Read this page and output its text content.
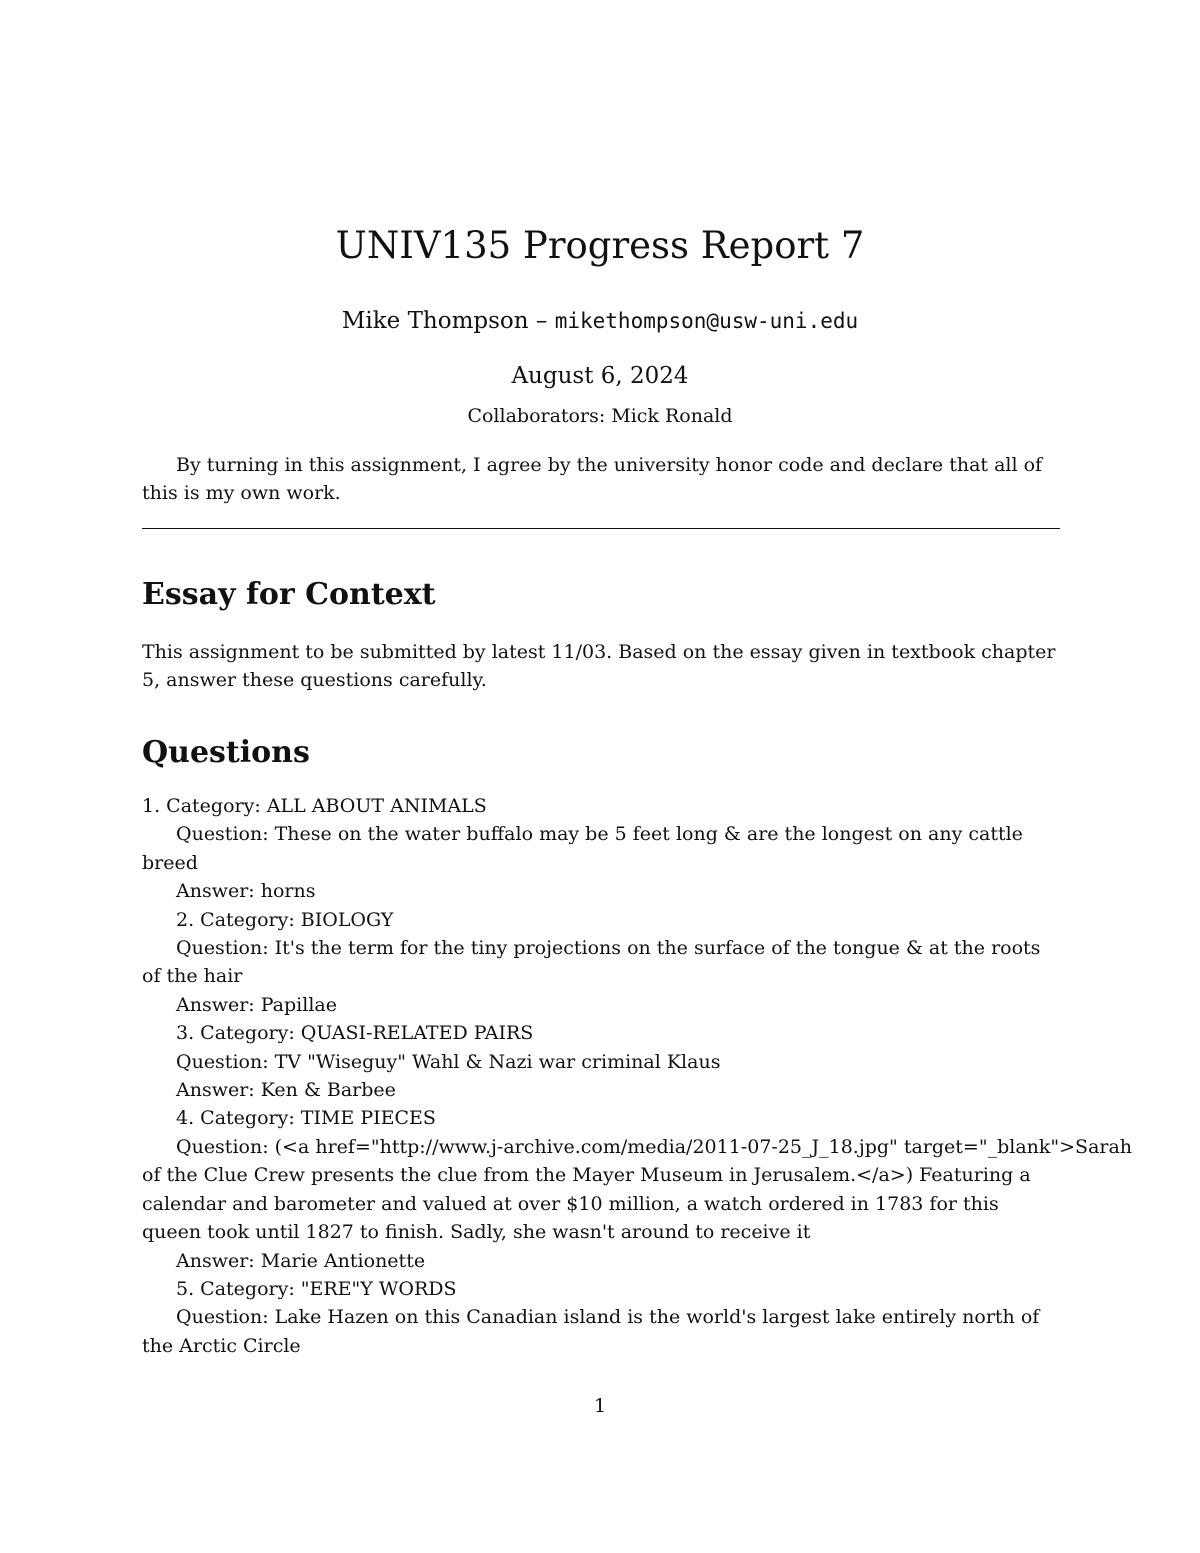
UNIV135 Progress Report 7
Mike Thompson – mikethompson@usw-uni.edu
August 6, 2024
Collaborators: Mick Ronald
By turning in this assignment, I agree by the university honor code and declare that all of this is my own work.
Essay for Context
This assignment to be submitted by latest 11/03. Based on the essay given in textbook chapter 5, answer these questions carefully.
Questions

1. Category: ALL ABOUT ANIMALS

Question: These on the water buffalo may be 5 feet long & are the longest on any cattle breed

Answer: horns

2. Category: BIOLOGY

Question: It's the term for the tiny projections on the surface of the tongue & at the roots of the hair

Answer: Papillae

3. Category: QUASI-RELATED PAIRS

Question: TV "Wiseguy" Wahl & Nazi war criminal Klaus

Answer: Ken & Barbee

4. Category: TIME PIECES

Question: (<a href="http://www.j-archive.com/media/2011-07-25_J_18.jpg" target="_blank">Sarah

of the Clue Crew presents the clue from the Mayer Museum in Jerusalem.</a>) Featuring a calendar and barometer and valued at over $10 million, a watch ordered in 1783 for this queen took until 1827 to finish. Sadly, she wasn't around to receive it

Answer: Marie Antionette

5. Category: "ERE"Y WORDS

Question: Lake Hazen on this Canadian island is the world's largest lake entirely north of the Arctic Circle

1
